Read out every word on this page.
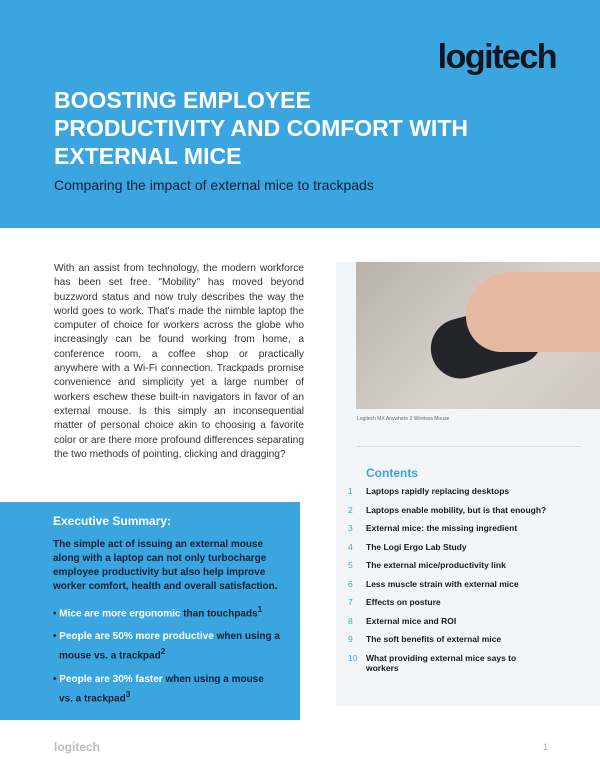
logitech
BOOSTING EMPLOYEE PRODUCTIVITY AND COMFORT WITH EXTERNAL MICE
Comparing the impact of external mice to trackpads

With an assist from technology, the modern workforce has been set free. "Mobility" has moved beyond buzzword status and now truly describes the way the world goes to work. That's made the nimble laptop the computer of choice for workers across the globe who increasingly can be found working from home, a conference room, a coffee shop or practically anywhere with a Wi-Fi connection. Trackpads promise convenience and simplicity yet a large number of workers eschew these built-in navigators in favor of an external mouse. Is this simply an inconsequential matter of personal choice akin to choosing a favorite color or are there more profound differences separating the two methods of pointing, clicking and dragging?

Executive Summary:

The simple act of issuing an external mouse along with a laptop can not only turbocharge employee productivity but also help improve worker comfort, health and overall satisfaction.

• Mice are more ergonomic than touchpads$^1$
• People are 50% more productive when using a mouse vs. a trackpad$^2$
• People are 30% faster when using a mouse vs. a trackpad$^3$
Logitech MX Anywhere 3 Wireless Mouse
Contents
1	Laptops rapidly replacing desktops
2	Laptops enable mobility, but is that enough?
3	External mice: the missing ingredient
4	The Logi Ergo Lab Study
5	The external mice/productivity link
6	Less muscle strain with external mice
7	Effects on posture
8	External mice and ROI
9	The soft benefits of external mice
10	What providing external mice says to workers
logitech	1
